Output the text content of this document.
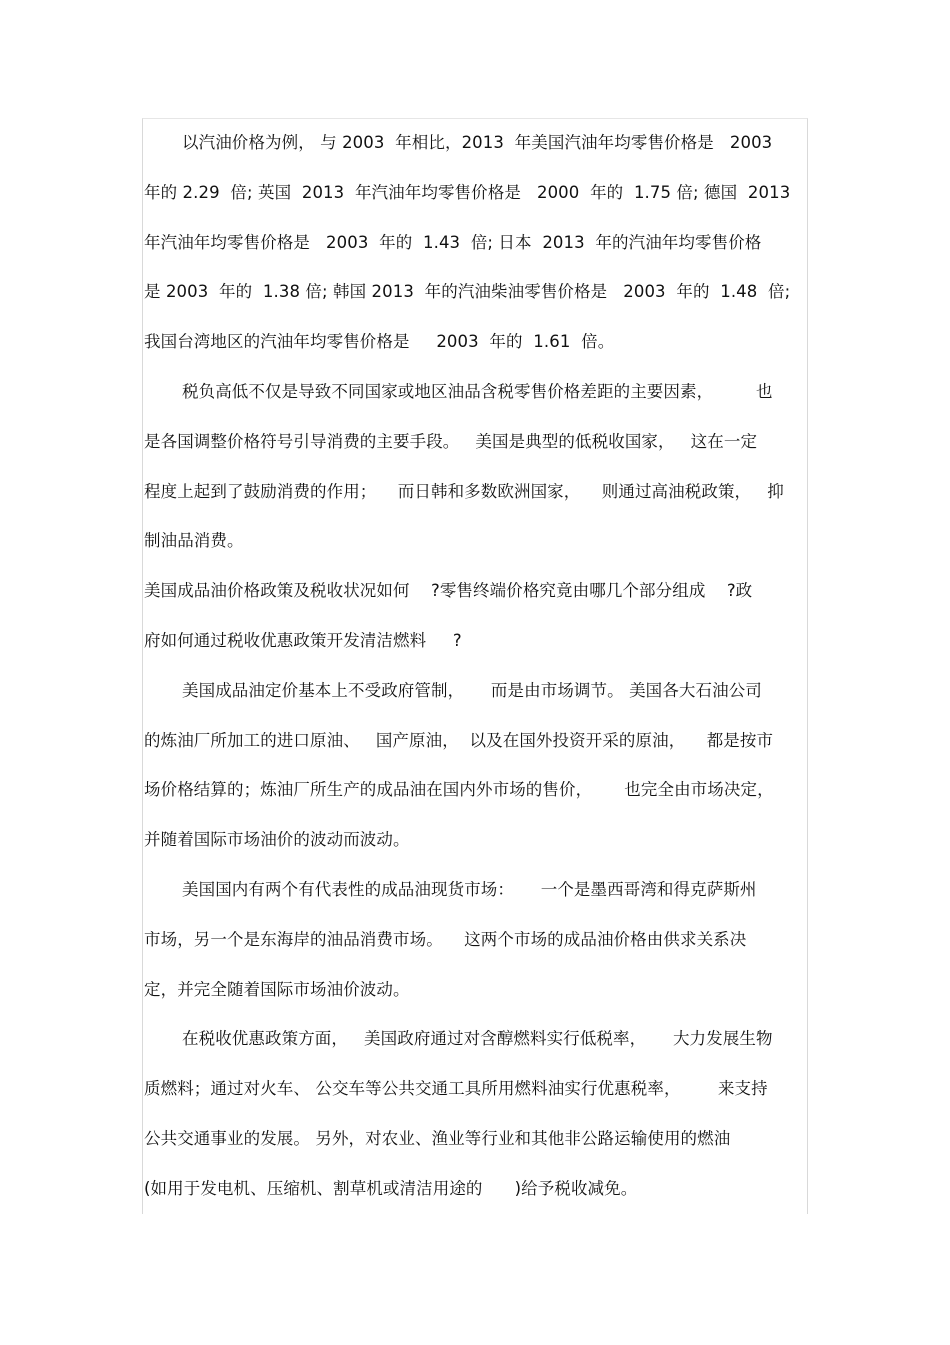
以汽油价格为例， 与 2003  年相比，2013  年美国汽油年均零售价格是   2003
年的 2.29  倍; 英国  2013  年汽油年均零售价格是   2000  年的  1.75 倍; 德国  2013
年汽油年均零售价格是   2003  年的  1.43  倍; 日本  2013  年的汽油年均零售价格
是 2003  年的  1.38 倍; 韩国 2013  年的汽油柴油零售价格是   2003  年的  1.48  倍;
我国台湾地区的汽油年均零售价格是     2003  年的  1.61  倍。
税负高低不仅是导致不同国家或地区油品含税零售价格差距的主要因素，        也
是各国调整价格符号引导消费的主要手段。   美国是典型的低税收国家，   这在一定
程度上起到了鼓励消费的作用；    而日韩和多数欧洲国家，    则通过高油税政策，   抑
制油品消费。
美国成品油价格政策及税收状况如何    ?零售终端价格究竟由哪几个部分组成    ?政
府如何通过税收优惠政策开发清洁燃料     ?
美国成品油定价基本上不受政府管制，     而是由市场调节。 美国各大石油公司
的炼油厂所加工的进口原油、   国产原油，  以及在国外投资开采的原油，    都是按市
场价格结算的；炼油厂所生产的成品油在国内外市场的售价，      也完全由市场决定，
并随着国际市场油价的波动而波动。
美国国内有两个有代表性的成品油现货市场：     一个是墨西哥湾和得克萨斯州
市场，另一个是东海岸的油品消费市场。    这两个市场的成品油价格由供求关系决
定，并完全随着国际市场油价波动。
在税收优惠政策方面，   美国政府通过对含醇燃料实行低税率，     大力发展生物
质燃料；通过对火车、 公交车等公共交通工具所用燃料油实行优惠税率，       来支持
公共交通事业的发展。 另外，对农业、渔业等行业和其他非公路运输使用的燃油
(如用于发电机、压缩机、割草机或清洁用途的      )给予税收减免。
